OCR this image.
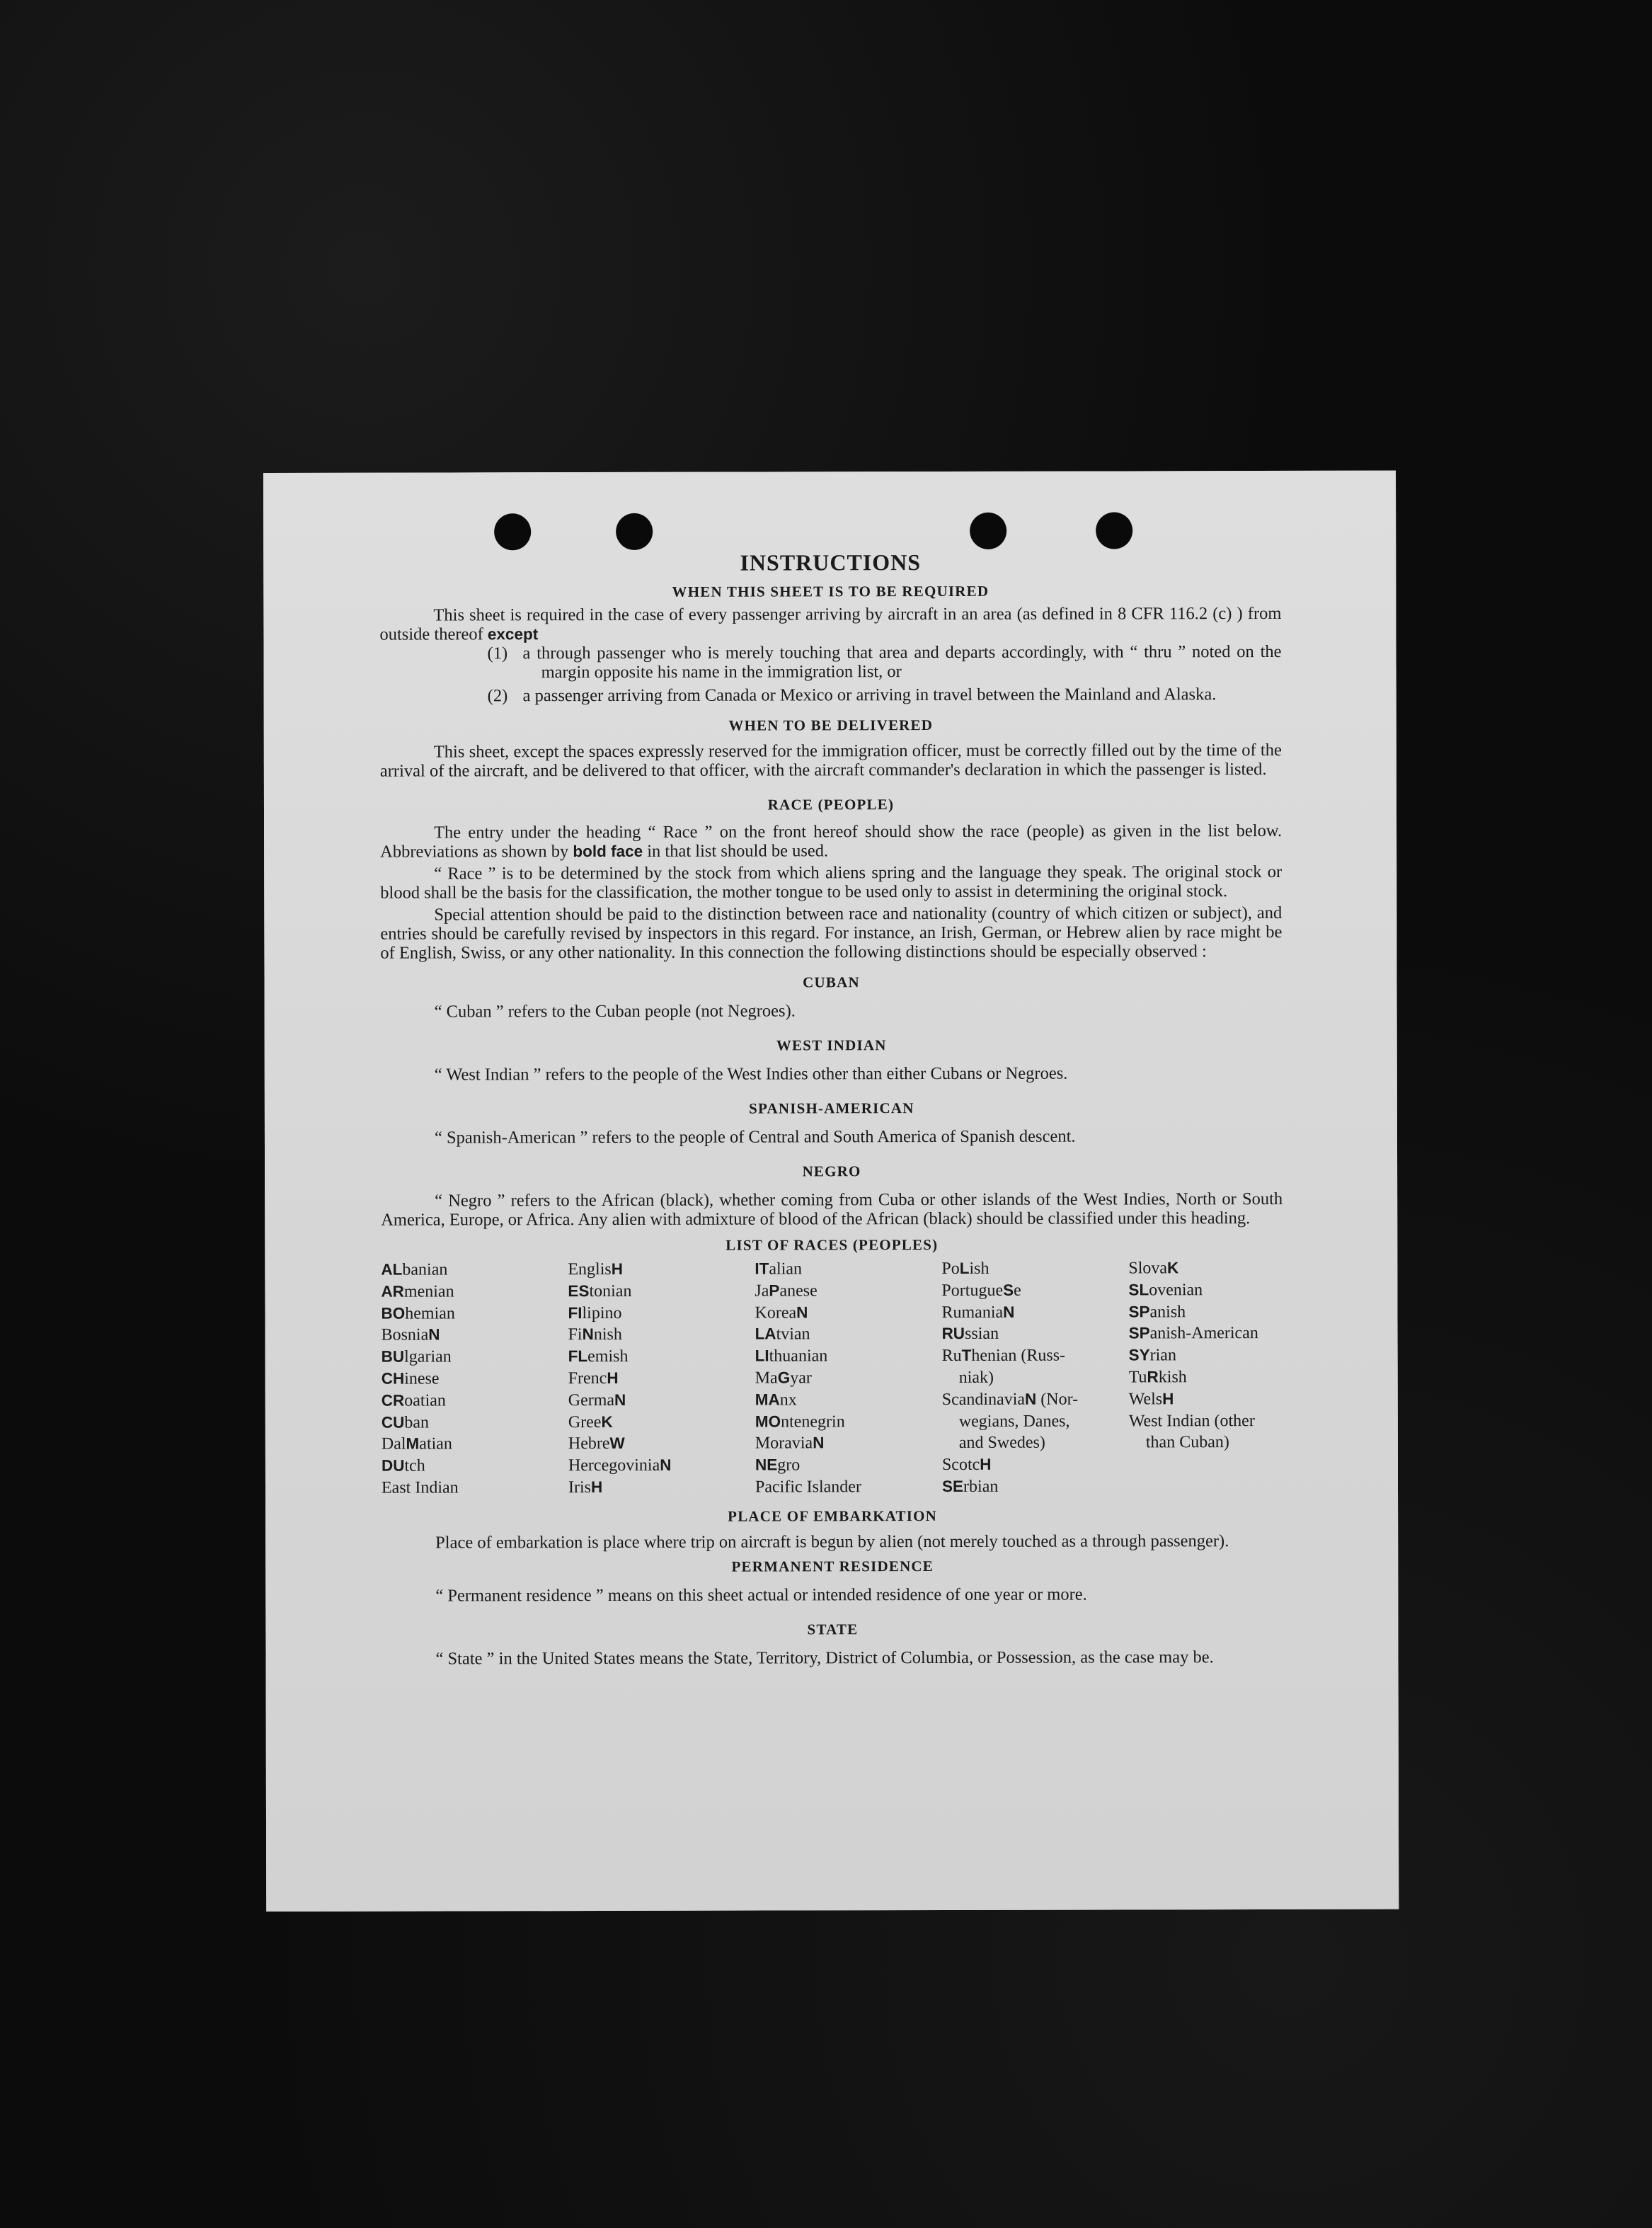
INSTRUCTIONS
WHEN THIS SHEET IS TO BE REQUIRED

This sheet is required in the case of every passenger arriving by aircraft in an area (as defined in 8 CFR 116.2 (c) ) from outside thereof except

(1) a through passenger who is merely touching that area and departs accordingly, with “ thru ” noted on the margin opposite his name in the immigration list, or
(2) a passenger arriving from Canada or Mexico or arriving in travel between the Mainland and Alaska.
WHEN TO BE DELIVERED

This sheet, except the spaces expressly reserved for the immigration officer, must be correctly filled out by the time of the arrival of the aircraft, and be delivered to that officer, with the aircraft commander's declaration in which the passenger is listed.

RACE (PEOPLE)

The entry under the heading “ Race ” on the front hereof should show the race (people) as given in the list below. Abbreviations as shown by bold face in that list should be used.

“ Race ” is to be determined by the stock from which aliens spring and the language they speak. The original stock or blood shall be the basis for the classification, the mother tongue to be used only to assist in determining the original stock.

Special attention should be paid to the distinction between race and nationality (country of which citizen or subject), and entries should be carefully revised by inspectors in this regard. For instance, an Irish, German, or Hebrew alien by race might be of English, Swiss, or any other nationality. In this connection the following distinctions should be especially observed :

CUBAN

“ Cuban ” refers to the Cuban people (not Negroes).

WEST INDIAN

“ West Indian ” refers to the people of the West Indies other than either Cubans or Negroes.

SPANISH-AMERICAN

“ Spanish-American ” refers to the people of Central and South America of Spanish descent.

NEGRO

“ Negro ” refers to the African (black), whether coming from Cuba or other islands of the West Indies, North or South America, Europe, or Africa. Any alien with admixture of blood of the African (black) should be classified under this heading.

LIST OF RACES (PEOPLES)
ALbanian
ARmenian
BOhemian
BosniaN
BUlgarian
CHinese
CRoatian
CUban
DalMatian
DUtch
East Indian
EnglisH
EStonian
FIlipino
FiNnish
FLemish
FrencH
GermaN
GreeK
HebreW
HercegoviniaN
IrisH
ITalian
JaPanese
KoreaN
LAtvian
LIthuanian
MaGyar
MAnx
MOntenegrin
MoraviaN
NEgro
Pacific Islander
PoLish
PortugueSe
RumaniaN
RUssian
RuThenian (Russ-
niak)
ScandinaviaN (Nor-
wegians, Danes,
and Swedes)
ScotcH
SErbian
SlovaK
SLovenian
SPanish
SPanish-American
SYrian
TuRkish
WelsH
West Indian (other
than Cuban)
PLACE OF EMBARKATION

Place of embarkation is place where trip on aircraft is begun by alien (not merely touched as a through passenger).

PERMANENT RESIDENCE

“ Permanent residence ” means on this sheet actual or intended residence of one year or more.

STATE

“ State ” in the United States means the State, Territory, District of Columbia, or Possession, as the case may be.
